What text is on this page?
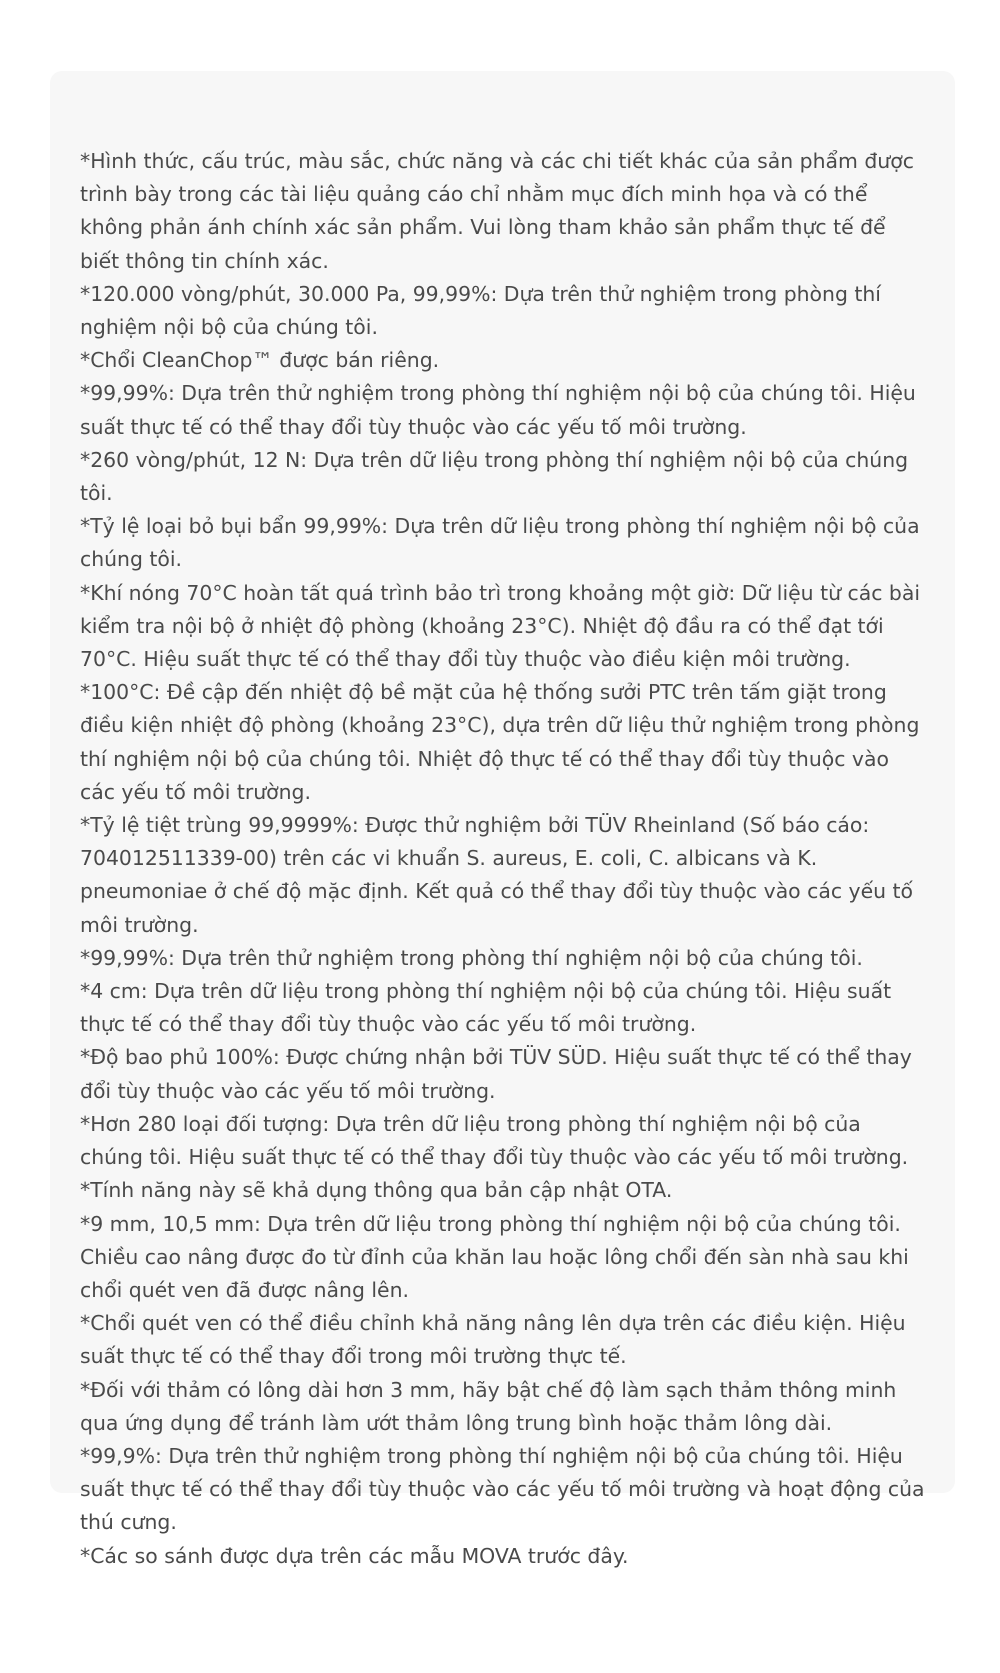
*Hình thức, cấu trúc, màu sắc, chức năng và các chi tiết khác của sản phẩm được trình bày trong các tài liệu quảng cáo chỉ nhằm mục đích minh họa và có thể không phản ánh chính xác sản phẩm. Vui lòng tham khảo sản phẩm thực tế để biết thông tin chính xác.
*120.000 vòng/phút, 30.000 Pa, 99,99%: Dựa trên thử nghiệm trong phòng thí nghiệm nội bộ của chúng tôi.
*Chổi CleanChop™ được bán riêng.
*99,99%: Dựa trên thử nghiệm trong phòng thí nghiệm nội bộ của chúng tôi. Hiệu suất thực tế có thể thay đổi tùy thuộc vào các yếu tố môi trường.
*260 vòng/phút, 12 N: Dựa trên dữ liệu trong phòng thí nghiệm nội bộ của chúng tôi.
*Tỷ lệ loại bỏ bụi bẩn 99,99%: Dựa trên dữ liệu trong phòng thí nghiệm nội bộ của chúng tôi.
*Khí nóng 70°C hoàn tất quá trình bảo trì trong khoảng một giờ: Dữ liệu từ các bài kiểm tra nội bộ ở nhiệt độ phòng (khoảng 23°C). Nhiệt độ đầu ra có thể đạt tới 70°C. Hiệu suất thực tế có thể thay đổi tùy thuộc vào điều kiện môi trường.
*100°C: Đề cập đến nhiệt độ bề mặt của hệ thống sưởi PTC trên tấm giặt trong điều kiện nhiệt độ phòng (khoảng 23°C), dựa trên dữ liệu thử nghiệm trong phòng thí nghiệm nội bộ của chúng tôi. Nhiệt độ thực tế có thể thay đổi tùy thuộc vào các yếu tố môi trường.
*Tỷ lệ tiệt trùng 99,9999%: Được thử nghiệm bởi TÜV Rheinland (Số báo cáo: 704012511339-00) trên các vi khuẩn S. aureus, E. coli, C. albicans và K. pneumoniae ở chế độ mặc định. Kết quả có thể thay đổi tùy thuộc vào các yếu tố môi trường.
*99,99%: Dựa trên thử nghiệm trong phòng thí nghiệm nội bộ của chúng tôi.
*4 cm: Dựa trên dữ liệu trong phòng thí nghiệm nội bộ của chúng tôi. Hiệu suất thực tế có thể thay đổi tùy thuộc vào các yếu tố môi trường.
*Độ bao phủ 100%: Được chứng nhận bởi TÜV SÜD. Hiệu suất thực tế có thể thay đổi tùy thuộc vào các yếu tố môi trường.
*Hơn 280 loại đối tượng: Dựa trên dữ liệu trong phòng thí nghiệm nội bộ của chúng tôi. Hiệu suất thực tế có thể thay đổi tùy thuộc vào các yếu tố môi trường.
*Tính năng này sẽ khả dụng thông qua bản cập nhật OTA.
*9 mm, 10,5 mm: Dựa trên dữ liệu trong phòng thí nghiệm nội bộ của chúng tôi. Chiều cao nâng được đo từ đỉnh của khăn lau hoặc lông chổi đến sàn nhà sau khi chổi quét ven đã được nâng lên.
*Chổi quét ven có thể điều chỉnh khả năng nâng lên dựa trên các điều kiện. Hiệu suất thực tế có thể thay đổi trong môi trường thực tế.
*Đối với thảm có lông dài hơn 3 mm, hãy bật chế độ làm sạch thảm thông minh qua ứng dụng để tránh làm ướt thảm lông trung bình hoặc thảm lông dài.
*99,9%: Dựa trên thử nghiệm trong phòng thí nghiệm nội bộ của chúng tôi. Hiệu suất thực tế có thể thay đổi tùy thuộc vào các yếu tố môi trường và hoạt động của thú cưng.
*Các so sánh được dựa trên các mẫu MOVA trước đây.
